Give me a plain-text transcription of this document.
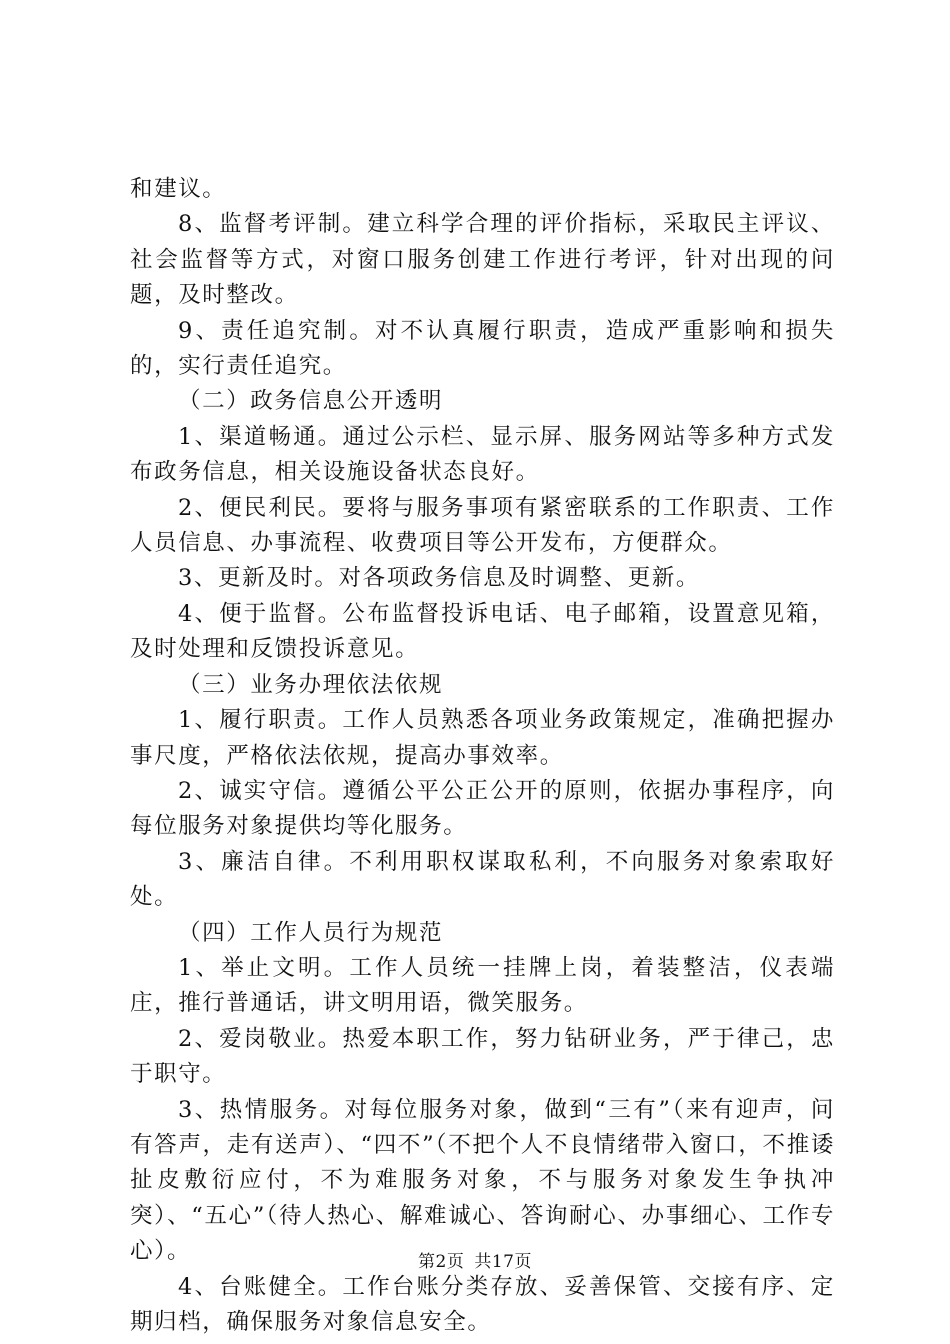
和建议。

8、监督考评制。建立科学合理的评价指标，采取民主评议、社会监督等方式，对窗口服务创建工作进行考评，针对出现的问题，及时整改。

9、责任追究制。对不认真履行职责，造成严重影响和损失的，实行责任追究。

（二）政务信息公开透明

1、渠道畅通。通过公示栏、显示屏、服务网站等多种方式发布政务信息，相关设施设备状态良好。

2、便民利民。要将与服务事项有紧密联系的工作职责、工作人员信息、办事流程、收费项目等公开发布，方便群众。

3、更新及时。对各项政务信息及时调整、更新。

4、便于监督。公布监督投诉电话、电子邮箱，设置意见箱，及时处理和反馈投诉意见。

（三）业务办理依法依规

1、履行职责。工作人员熟悉各项业务政策规定，准确把握办事尺度，严格依法依规，提高办事效率。

2、诚实守信。遵循公平公正公开的原则，依据办事程序，向每位服务对象提供均等化服务。

3、廉洁自律。不利用职权谋取私利，不向服务对象索取好处。

（四）工作人员行为规范

1、举止文明。工作人员统一挂牌上岗，着装整洁，仪表端庄，推行普通话，讲文明用语，微笑服务。

2、爱岗敬业。热爱本职工作，努力钻研业务，严于律己，忠于职守。

3、热情服务。对每位服务对象，做到“三有”（来有迎声，问有答声，走有送声）、“四不”（不把个人不良情绪带入窗口，不推诿扯皮敷衍应付，不为难服务对象，不与服务对象发生争执冲突）、“五心”（待人热心、解难诚心、答询耐心、办事细心、工作专心）。

4、台账健全。工作台账分类存放、妥善保管、交接有序、定期归档，确保服务对象信息安全。

第2页 共17页
